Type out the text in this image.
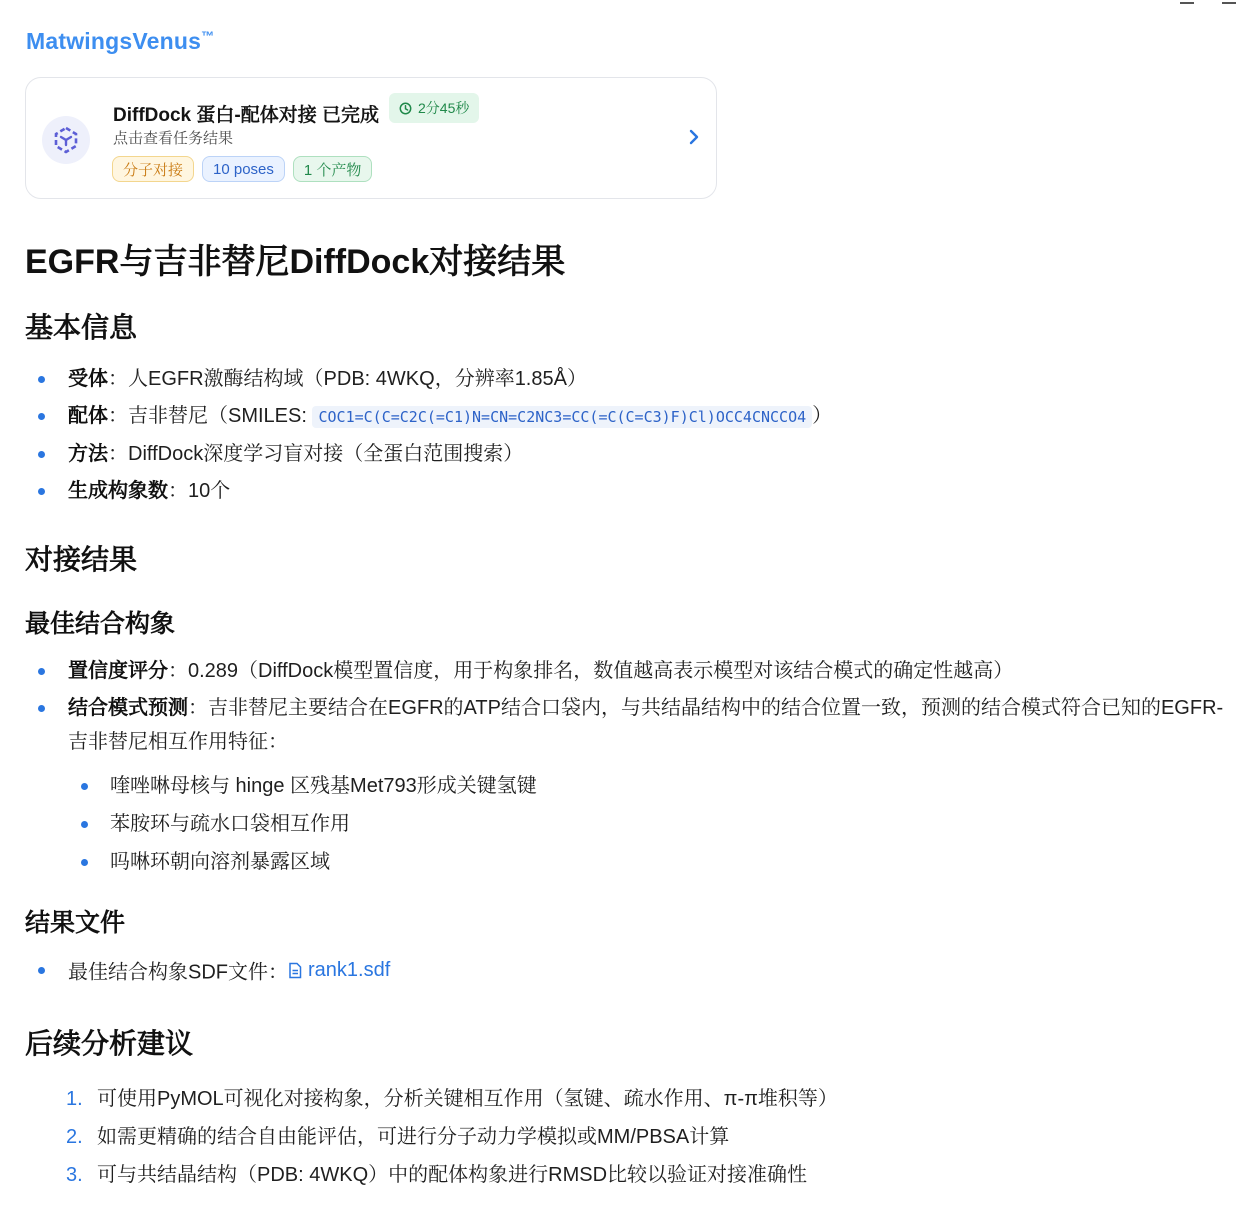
MatwingsVenus™
DiffDock 蛋白-配体对接 已完成	2分45秒
点击查看任务结果
分子对接	10 poses	1 个产物
EGFR与吉非替尼DiffDock对接结果
基本信息
受体：人EGFR激酶结构域（PDB: 4WKQ，分辨率1.85Å）
配体：吉非替尼（SMILES: COC1=C(C=C2C(=C1)N=CN=C2NC3=CC(=C(C=C3)F)Cl)OCC4CNCCO4 ）
方法：DiffDock深度学习盲对接（全蛋白范围搜索）
生成构象数：10个
对接结果
最佳结合构象
置信度评分：0.289（DiffDock模型置信度，用于构象排名，数值越高表示模型对该结合模式的确定性越高）
结合模式预测：吉非替尼主要结合在EGFR的ATP结合口袋内，与共结晶结构中的结合位置一致，预测的结合模式符合已知的EGFR-吉非替尼相互作用特征：
喹唑啉母核与 hinge 区残基Met793形成关键氢键
苯胺环与疏水口袋相互作用
吗啉环朝向溶剂暴露区域
结果文件
最佳结合构象SDF文件： rank1.sdf
后续分析建议
1. 可使用PyMOL可视化对接构象，分析关键相互作用（氢键、疏水作用、π-π堆积等）
2. 如需更精确的结合自由能评估，可进行分子动力学模拟或MM/PBSA计算
3. 可与共结晶结构（PDB: 4WKQ）中的配体构象进行RMSD比较以验证对接准确性
